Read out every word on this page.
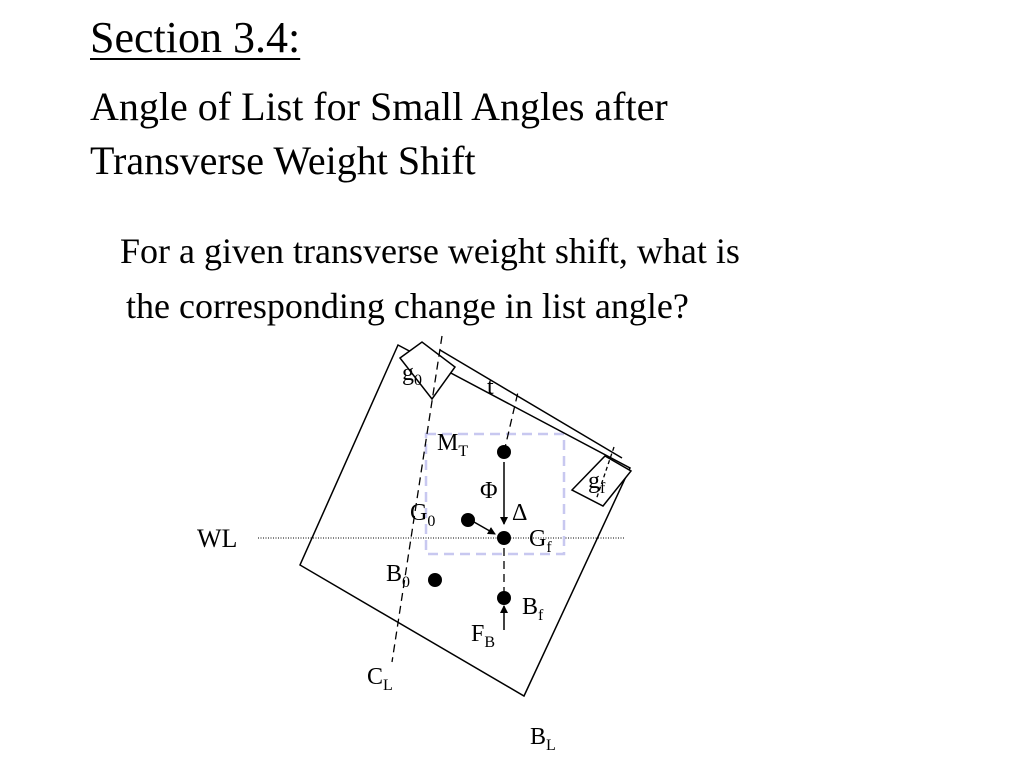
Section 3.4:
Angle of List for Small Angles after
Transverse Weight Shift
For a given transverse weight shift, what is
the corresponding change in list angle?
$g_0$	t
$g_f$
$M_T$
Φ
Δ
$G_0$
$G_f$
WL
$B_0$
$B_f$
$F_B$
$C_L$
$B_L$
